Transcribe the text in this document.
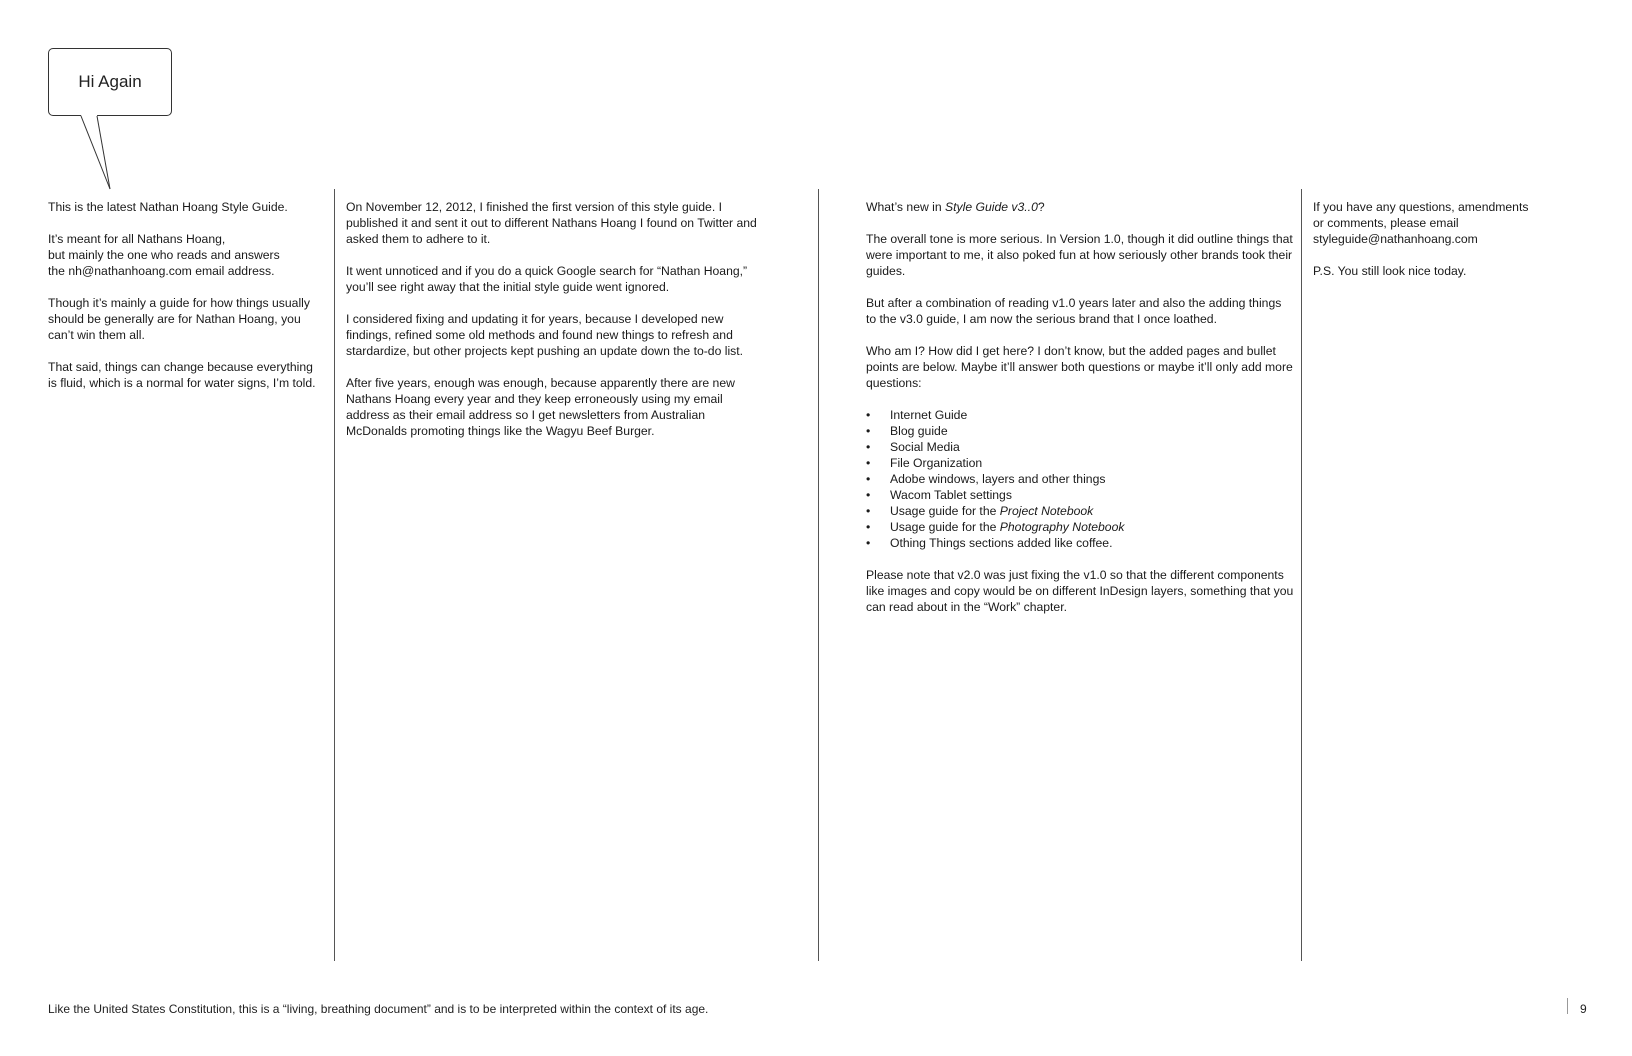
Hi Again

This is the latest Nathan Hoang Style Guide.

It’s meant for all Nathans Hoang,
but mainly the one who reads and answers
the nh@nathanhoang.com email address.

Though it’s mainly a guide for how things usually should be generally are for Nathan Hoang, you can’t win them all.

That said, things can change because everything is fluid, which is a normal for water signs, I’m told.

On November 12, 2012, I finished the first version of this style guide. I published it and sent it out to different Nathans Hoang I found on Twitter and asked them to adhere to it.

It went unnoticed and if you do a quick Google search for “Nathan Hoang,” you’ll see right away that the initial style guide went ignored.

I considered fixing and updating it for years, because I developed new findings, refined some old methods and found new things to refresh and stardardize, but other projects kept pushing an update down the to-do list.

After five years, enough was enough, because apparently there are new Nathans Hoang every year and they keep erroneously using my email address as their email address so I get newsletters from Australian McDonalds promoting things like the Wagyu Beef Burger.

What’s new in Style Guide v3..0?

The overall tone is more serious. In Version 1.0, though it did outline things that were important to me, it also poked fun at how seriously other brands took their guides.

But after a combination of reading v1.0 years later and also the adding things to the v3.0 guide, I am now the serious brand that I once loathed.

Who am I? How did I get here? I don’t know, but the added pages and bullet points are below. Maybe it’ll answer both questions or maybe it’ll only add more questions:

• Internet Guide
• Blog guide
• Social Media
• File Organization
• Adobe windows, layers and other things
• Wacom Tablet settings
• Usage guide for the Project Notebook
• Usage guide for the Photography Notebook
• Othing Things sections added like coffee.

Please note that v2.0 was just fixing the v1.0 so that the different components like images and copy would be on different InDesign layers, something that you can read about in the “Work” chapter.

If you have any questions, amendments
or comments, please email
styleguide@nathanhoang.com

P.S. You still look nice today.

Like the United States Constitution, this is a “living, breathing document” and is to be interpreted within the context of its age.	9
